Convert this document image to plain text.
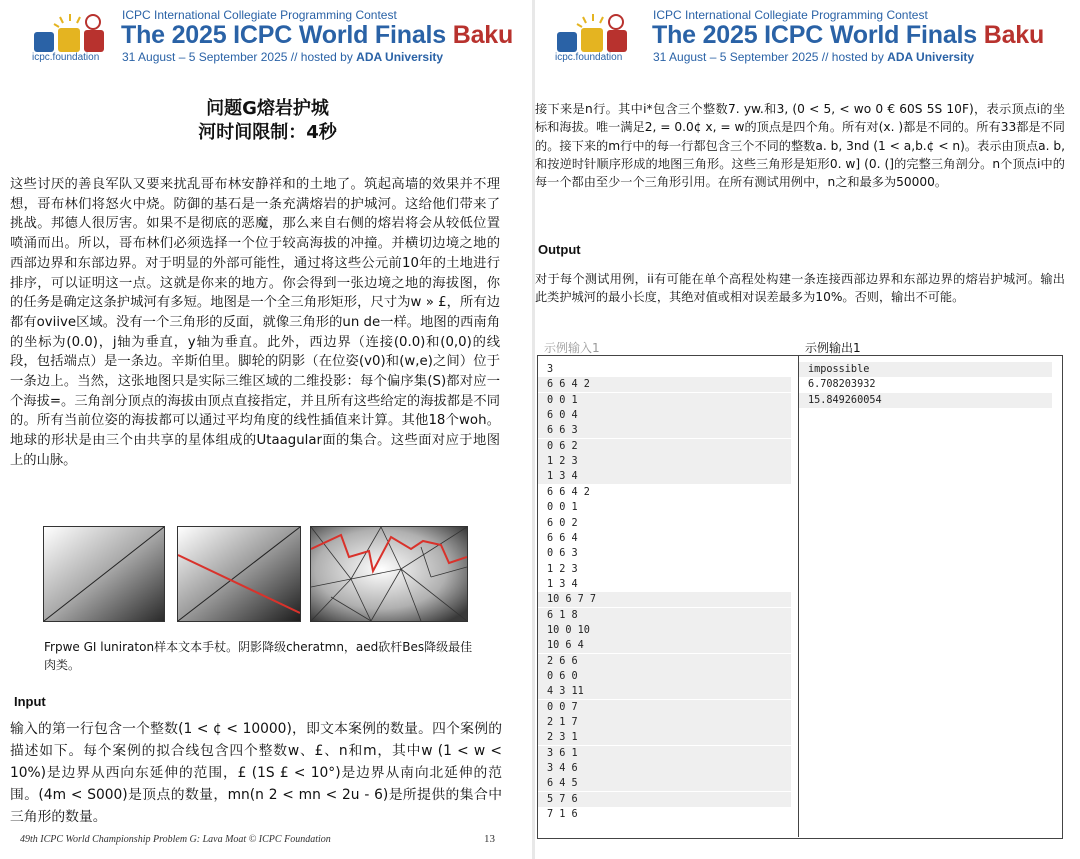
icpc.foundation
ICPC International Collegiate Programming Contest
The 2025 ICPC World Finals Baku
31 August – 5 September 2025 // hosted by ADA University
问题G熔岩护城
河时间限制：4秒
这些讨厌的善良军队又要来扰乱哥布林安静祥和的土地了。筑起高墙的效果并不理想，哥布林们将怒火中烧。防御的基石是一条充满熔岩的护城河。这给他们带来了挑战。邦德人很厉害。如果不是彻底的恶魔，那么来自右侧的熔岩将会从较低位置喷涌而出。所以，哥布林们必须选择一个位于较高海拔的冲撞。并横切边境之地的西部边界和东部边界。对于明显的外部可能性，通过将这些公元前10年的土地进行排序，可以证明这一点。这就是你来的地方。你会得到一张边境之地的海拔图，你的任务是确定这条护城河有多短。地图是一个全三角形矩形，尺寸为w » £，所有边都有oviive区域。没有一个三角形的反面，就像三角形的un de一样。地图的西南角的坐标为(0.0)，j轴为垂直，y轴为垂直。此外，西边界（连接(0.0)和(0,0)的线段，包括端点）是一条边。辛斯伯里。脚轮的阴影（在位姿(v0)和(w,e)之间）位于一条边上。当然，这张地图只是实际三维区域的二维投影：每个偏序集(S)都对应一个海拔=。三角剖分顶点的海拔由顶点直接指定，并且所有这些给定的海拔都是不同的。所有当前位姿的海拔都可以通过平均角度的线性插值来计算。其他18个woh。地球的形状是由三个由共享的星体组成的Utaagular面的集合。这些面对应于地图上的山脉。
Frpwe GI luniraton样本文本手杖。阴影降级cheratmn，aed砍杆Bes降级最佳肉类。
Input
输入的第一行包含一个整数(1 < ¢ < 10000)，即文本案例的数量。四个案例的描述如下。每个案例的拟合线包含四个整数w、£、n和m，其中w (1 < w < 10%)是边界从西向东延伸的范围，£ (1S £ < 10°)是边界从南向北延伸的范围。(4m < S000)是顶点的数量，mn(n 2 < mn < 2u - 6)是所提供的集合中三角形的数量。
49th ICPC World Championship Problem G: Lava Moat © ICPC Foundation	13
icpc.foundation
ICPC International Collegiate Programming Contest
The 2025 ICPC World Finals Baku
31 August – 5 September 2025 // hosted by ADA University
接下来是n行。其中i*包含三个整数7. yw.和3, (0 < 5, < wo 0 € 60S 5S 10F)，表示顶点i的坐标和海拔。唯一满足2, = 0.0¢ x, = w的顶点是四个角。所有对(x. )都是不同的。所有33都是不同的。接下来的m行中的每一行都包含三个不同的整数a. b, 3nd (1 < a,b.¢ < n)。表示由顶点a. b,和按逆时针顺序形成的地图三角形。这些三角形是矩形0. w] (0. (]的完整三角剖分。n个顶点i中的每一个都由至少一个三角形引用。在所有测试用例中，n之和最多为50000。
Output
对于每个测试用例，ii有可能在单个高程处构建一条连接西部边界和东部边界的熔岩护城河。输出此类护城河的最小长度，其绝对值或相对误差最多为10%。否则，输出不可能。
示例输入1	示例输出1
3
6 6 4 2
0 0 1
6 0 4
6 6 3
0 6 2
1 2 3
1 3 4
6 6 4 2
0 0 1
6 0 2
6 6 4
0 6 3
1 2 3
1 3 4
10 6 7 7
6 1 8
10 0 10
10 6 4
2 6 6
0 6 0
4 3 11
0 0 7
2 1 7
2 3 1
3 6 1
3 4 6
6 4 5
5 7 6
7 1 6
impossible
6.708203932
15.849260054
